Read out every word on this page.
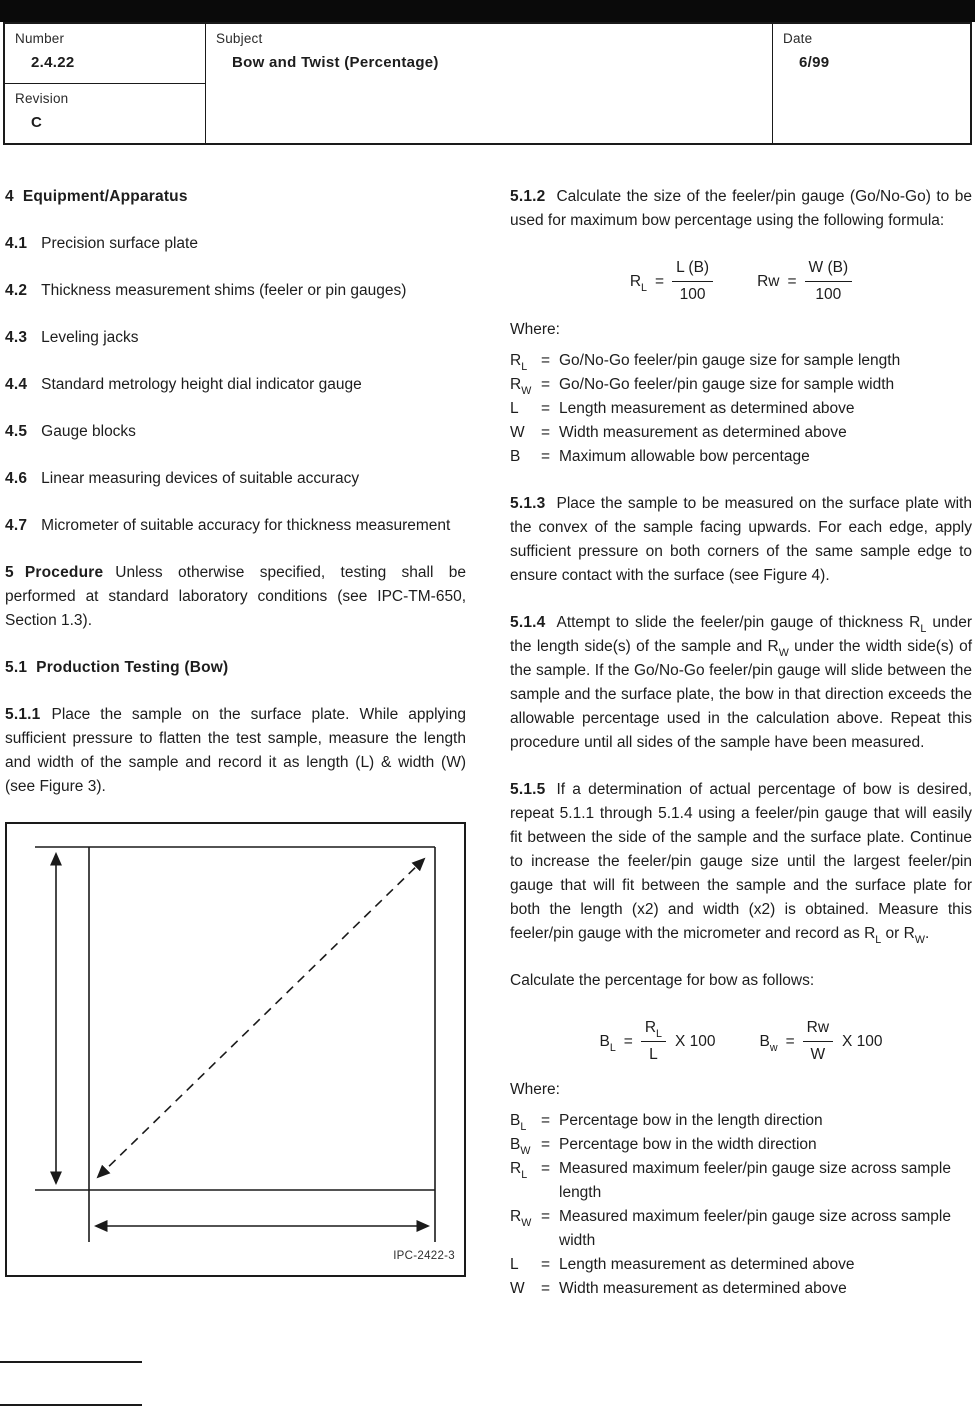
Number
2.4.22
Revision
C
Subject
Bow and Twist (Percentage)
Date
6/99

4 Equipment/Apparatus

4.1 Precision surface plate

4.2 Thickness measurement shims (feeler or pin gauges)

4.3 Leveling jacks

4.4 Standard metrology height dial indicator gauge

4.5 Gauge blocks

4.6 Linear measuring devices of suitable accuracy

4.7 Micrometer of suitable accuracy for thickness measurement

5 Procedure Unless otherwise specified, testing shall be performed at standard laboratory conditions (see IPC-TM-650, Section 1.3).

5.1 Production Testing (Bow)

5.1.1 Place the sample on the surface plate. While applying sufficient pressure to flatten the test sample, measure the length and width of the sample and record it as length (L) & width (W) (see Figure 3).

IPC-2422-3

5.1.2 Calculate the size of the feeler/pin gauge (Go/No-Go) to be used for maximum bow percentage using the following formula:

$R_L = \frac{L (B)}{100}$	$Rw = \frac{W (B)}{100}$

Where:

$R_L = Go/No-Go$ feeler/pin gauge size for sample length
$R_W = Go/No-Go$ feeler/pin gauge size for sample width
L	= Length measurement as determined above
W	= Width measurement as determined above
B	= Maximum allowable bow percentage

5.1.3 Place the sample to be measured on the surface plate with the convex of the sample facing upwards. For each edge, apply sufficient pressure on both corners of the same sample edge to ensure contact with the surface (see Figure 4).

5.1.4 Attempt to slide the feeler/pin gauge of thickness $R_L$ under the length side(s) of the sample and $R_W$ under the width side(s) of the sample. If the Go/No-Go feeler/pin gauge will slide between the sample and the surface plate, the bow in that direction exceeds the allowable percentage used in the calculation above. Repeat this procedure until all sides of the sample have been measured.

5.1.5 If a determination of actual percentage of bow is desired, repeat 5.1.1 through 5.1.4 using a feeler/pin gauge that will easily fit between the side of the sample and the surface plate. Continue to increase the feeler/pin gauge size until the largest feeler/pin gauge that will fit between the sample and the surface plate for both the length (x2) and width (x2) is obtained. Measure this feeler/pin gauge with the micrometer and record as $R_L$ or $R_W$.

Calculate the percentage for bow as follows:

$B_L = \frac{R_L}{L}$ X 100	$B_w = \frac{Rw}{W}$ X 100

Where:

$B_L$ = Percentage bow in the length direction
$B_W$ = Percentage bow in the width direction
$R_L$ = Measured maximum feeler/pin gauge size across sample length
$R_W$ = Measured maximum feeler/pin gauge size across sample width
L	= Length measurement as determined above
W	= Width measurement as determined above
